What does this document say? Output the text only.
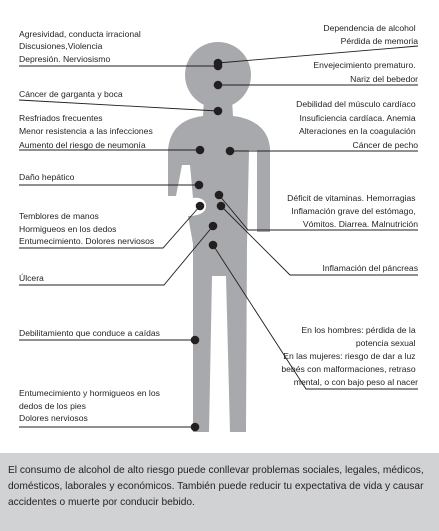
Agresividad, conducta irracional Discusiones,Violencia Depresión. Nerviosismo
Cáncer de garganta y boca
Resfriados frecuentes Menor resistencia a las infecciones Aumento del riesgo de neumonía
Daño hepático
Temblores de manos Hormigueos en los dedos Entumecimiento. Dolores nerviosos
Úlcera
Debilitamiento que conduce a caídas
Entumecimiento y hormigueos en los dedos de los pies Dolores nerviosos
Dependencia de alcohol Pérdida de memoria
Envejecimiento prematuro. Nariz del bebedor
Debilidad del músculo cardíaco Insuficiencia cardíaca. Anemia Alteraciones en la coagulación Cáncer de pecho
Déficit de vitaminas. Hemorragias Inflamación grave del estómago, Vómitos. Diarrea. Malnutrición
Inflamación del páncreas
En los hombres: pérdida de la potencia sexual En las mujeres: riesgo de dar a luz bebés con malformaciones, retraso mental, o con bajo peso al nacer

El consumo de alcohol de alto riesgo puede conllevar problemas sociales, legales, médicos, domésticos, laborales y económicos. También puede reducir tu expectativa de vida y causar accidentes o muerte por conducir bebido.
